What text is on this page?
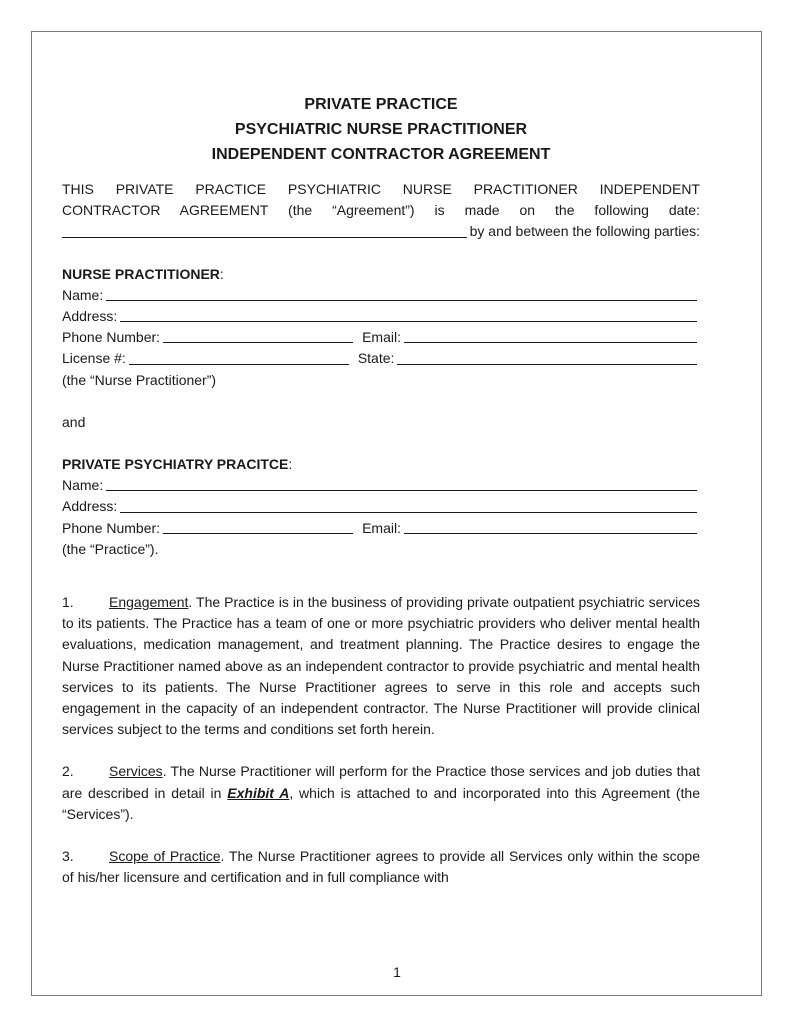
PRIVATE PRACTICE
PSYCHIATRIC NURSE PRACTITIONER
INDEPENDENT CONTRACTOR AGREEMENT
THIS PRIVATE PRACTICE PSYCHIATRIC NURSE PRACTITIONER INDEPENDENT
CONTRACTOR AGREEMENT (the “Agreement”) is made on the following date:
by and between the following parties:
NURSE PRACTITIONER:
Name:
Address:
Phone Number:	Email:
License #:	State:
(the “Nurse Practitioner”)
and
PRIVATE PSYCHIATRY PRACITCE:
Name:
Address:
Phone Number:	Email:
(the “Practice”).

1.	Engagement. The Practice is in the business of providing private outpatient psychiatric services to its patients. The Practice has a team of one or more psychiatric providers who deliver mental health evaluations, medication management, and treatment planning. The Practice desires to engage the Nurse Practitioner named above as an independent contractor to provide psychiatric and mental health services to its patients. The Nurse Practitioner agrees to serve in this role and accepts such engagement in the capacity of an independent contractor. The Nurse Practitioner will provide clinical services subject to the terms and conditions set forth herein.

2.	Services. The Nurse Practitioner will perform for the Practice those services and job duties that are described in detail in Exhibit A, which is attached to and incorporated into this Agreement (the “Services”).

3.	Scope of Practice. The Nurse Practitioner agrees to provide all Services only within the scope of his/her licensure and certification and in full compliance with

1
